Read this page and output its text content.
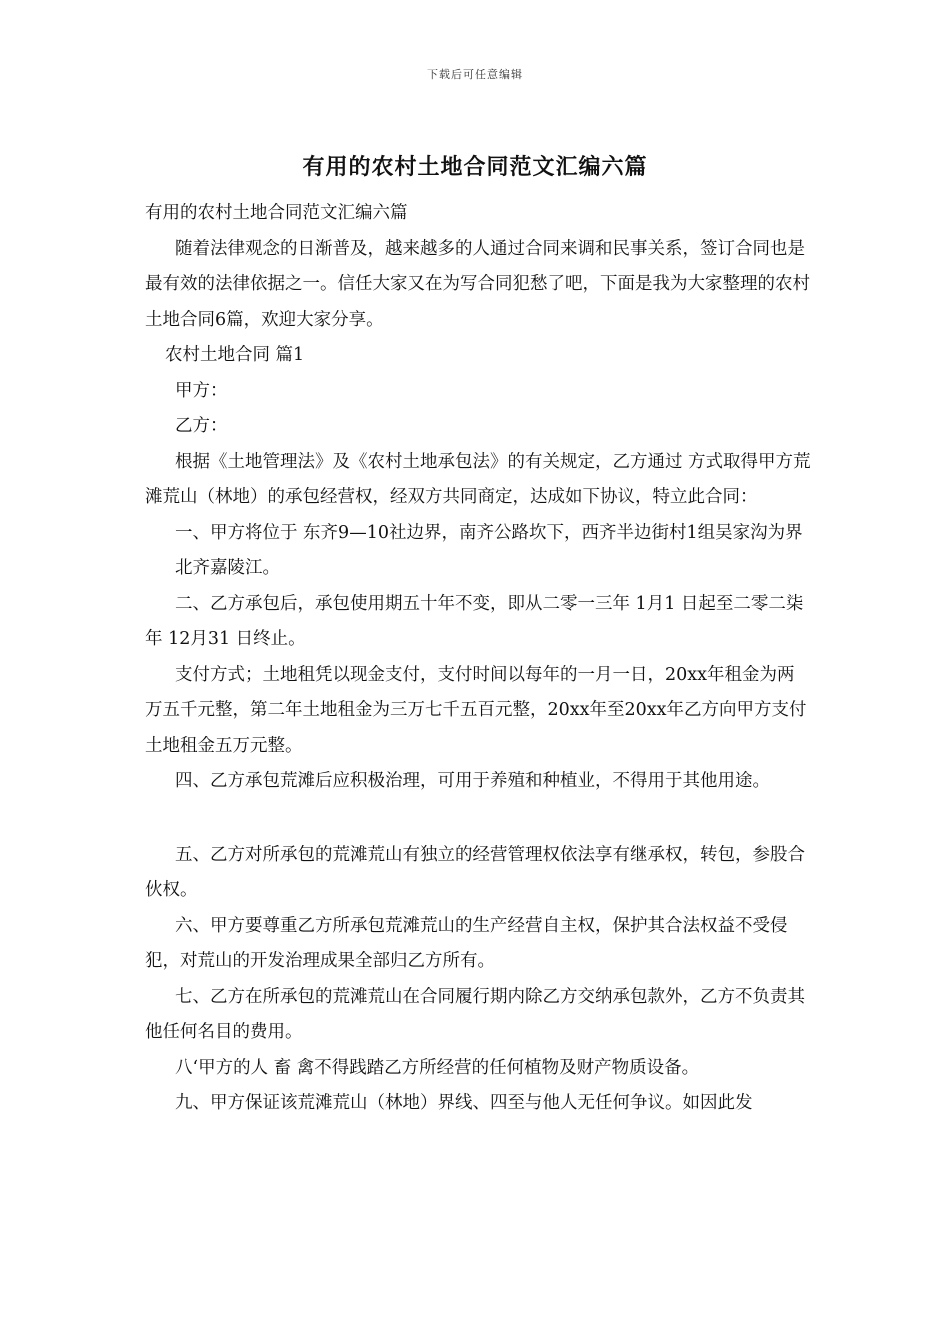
下载后可任意编辑
有用的农村土地合同范文汇编六篇

有用的农村土地合同范文汇编六篇

随着法律观念的日渐普及，越来越多的人通过合同来调和民事关系，签订合同也是最有效的法律依据之一。信任大家又在为写合同犯愁了吧，下面是我为大家整理的农村土地合同6篇，欢迎大家分享。

农村土地合同 篇1

甲方：

乙方：

根据《土地管理法》及《农村土地承包法》的有关规定，乙方通过 方式取得甲方荒滩荒山（林地）的承包经营权，经双方共同商定，达成如下协议，特立此合同：

一、甲方将位于 东齐9—10社边界，南齐公路坎下，西齐半边街村1组吴家沟为界

北齐嘉陵江。

二、乙方承包后，承包使用期五十年不变，即从二零一三年 1月1 日起至二零二柒 年 12月31 日终止。

支付方式；土地租凭以现金支付，支付时间以每年的一月一日，20xx年租金为两万五千元整，第二年土地租金为三万七千五百元整，20xx年至20xx年乙方向甲方支付土地租金五万元整。

四、乙方承包荒滩后应积极治理，可用于养殖和种植业，不得用于其他用途。

五、乙方对所承包的荒滩荒山有独立的经营管理权依法享有继承权，转包，参股合伙权。

六、甲方要尊重乙方所承包荒滩荒山的生产经营自主权，保护其合法权益不受侵犯，对荒山的开发治理成果全部归乙方所有。

七、乙方在所承包的荒滩荒山在合同履行期内除乙方交纳承包款外，乙方不负责其他任何名目的费用。

八‘甲方的人 畜 禽不得践踏乙方所经营的任何植物及财产物质设备。

九、甲方保证该荒滩荒山（林地）界线、四至与他人无任何争议。如因此发
